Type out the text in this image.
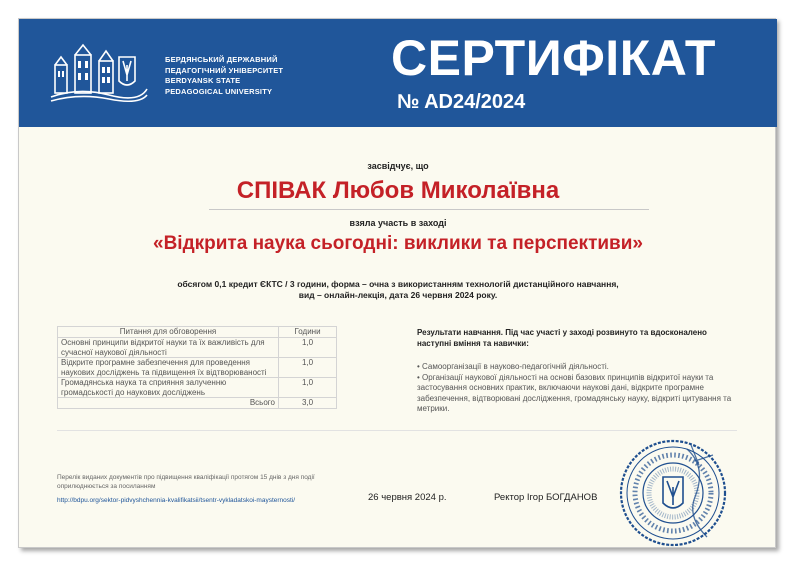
БЕРДЯНСЬКИЙ ДЕРЖАВНИЙ
ПЕДАГОГІЧНИЙ УНІВЕРСИТЕТ
BERDYANSK STATE
PEDAGOGICAL UNIVERSITY
СЕРТИФІКАТ
№ AD24/2024
засвідчує, що
СПІВАК Любов Миколаївна
взяла участь в заході
«Відкрита наука сьогодні: виклики та перспективи»
обсягом 0,1 кредит ЄКТС / 3 години, форма – очна з використанням технологій дистанційного навчання,
вид – онлайн-лекція, дата 26 червня 2024 року.
Питання для обговорення	Години
Основні принципи відкритої науки та їх важливість для сучасної наукової діяльності	1,0
Відкрите програмне забезпечення для проведення наукових досліджень та підвищення їх відтворюваності	1,0
Громадянська наука та сприяння залученню громадськості до наукових досліджень	1,0
Всього	3,0
Результати навчання. Під час участі у заході розвинуто та вдосконалено наступні вміння та навички:
• Самоорганізації в науково-педагогічній діяльності.
• Організації наукової діяльності на основі базових принципів відкритої науки та застосування основних практик, включаючи наукові дані, відкрите програмне забезпечення, відтворювані дослідження, громадянську науку, відкриті цитування та метрики.
Перелік виданих документів про підвищення кваліфікації протягом 15 днів з дня події оприлюднюється за посиланням
http://bdpu.org/sektor-pidvyshchennia-kvalifikatsii/tsentr-vykladatskoi-maysternosti/	26 червня 2024 р.	Ректор Ігор БОГДАНОВ
